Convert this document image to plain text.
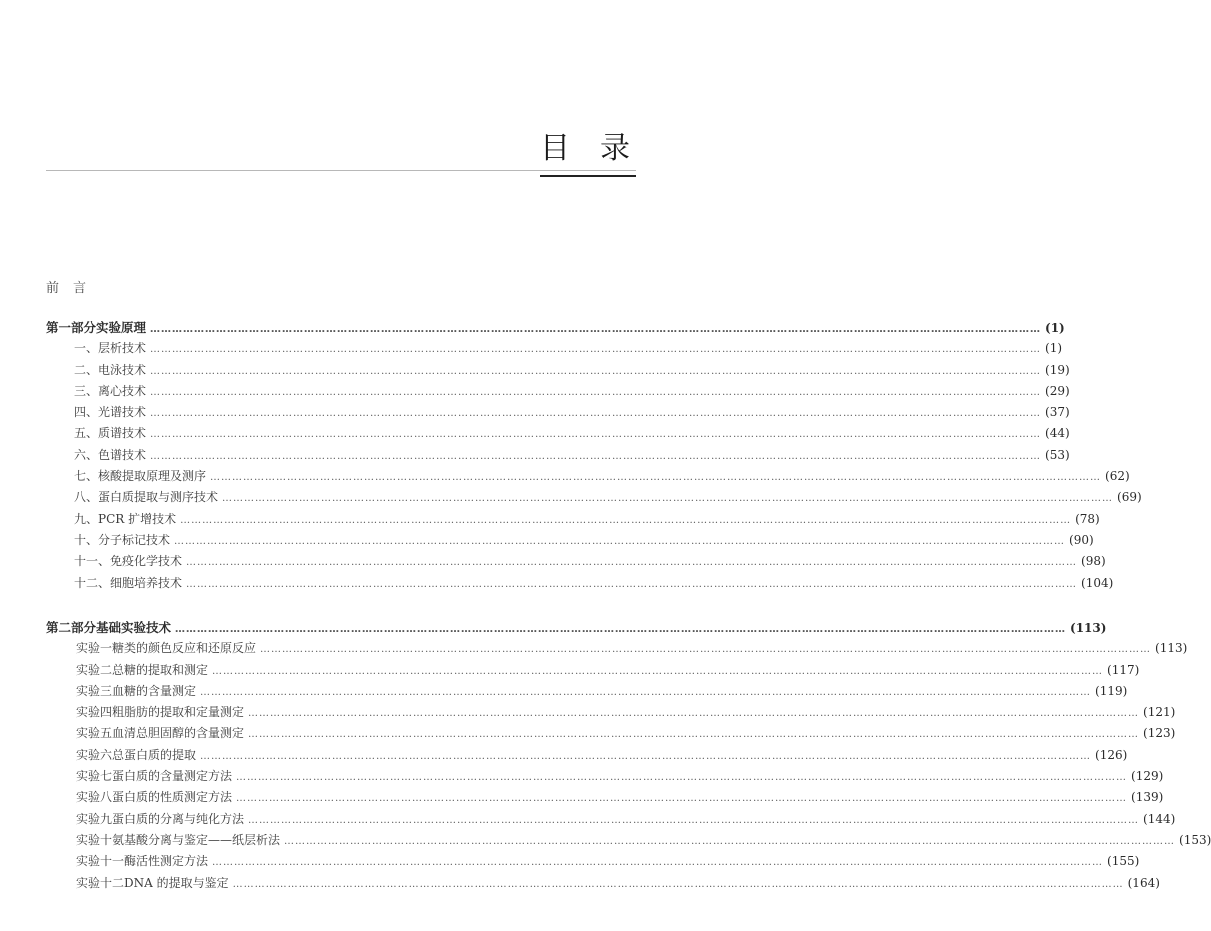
目录
前 言
第一部分 实验原理 ………………………………………………………………………………………………………………………………………………………………………………………………………………………	(1)
一、层析技术 ………………………………………………………………………………………………………………………………………………………………………………………………………………………	(1)
二、电泳技术 ………………………………………………………………………………………………………………………………………………………………………………………………………………………	(19)
三、离心技术 ………………………………………………………………………………………………………………………………………………………………………………………………………………………	(29)
四、光谱技术 ………………………………………………………………………………………………………………………………………………………………………………………………………………………	(37)
五、质谱技术 ………………………………………………………………………………………………………………………………………………………………………………………………………………………	(44)
六、色谱技术 ………………………………………………………………………………………………………………………………………………………………………………………………………………………	(53)
七、核酸提取原理及测序 ………………………………………………………………………………………………………………………………………………………………………………………………………………………	(62)
八、蛋白质提取与测序技术 ………………………………………………………………………………………………………………………………………………………………………………………………………………………	(69)
九、PCR 扩增技术 ………………………………………………………………………………………………………………………………………………………………………………………………………………………	(78)
十、分子标记技术 ………………………………………………………………………………………………………………………………………………………………………………………………………………………	(90)
十一、免疫化学技术 ………………………………………………………………………………………………………………………………………………………………………………………………………………………	(98)
十二、细胞培养技术 ………………………………………………………………………………………………………………………………………………………………………………………………………………………	(104)
第二部分 基础实验技术 ………………………………………………………………………………………………………………………………………………………………………………………………………………………	(113)
实验一 糖类的颜色反应和还原反应 ………………………………………………………………………………………………………………………………………………………………………………………………………………………	(113)
实验二 总糖的提取和测定 ………………………………………………………………………………………………………………………………………………………………………………………………………………………	(117)
实验三 血糖的含量测定 ………………………………………………………………………………………………………………………………………………………………………………………………………………………	(119)
实验四 粗脂肪的提取和定量测定 ………………………………………………………………………………………………………………………………………………………………………………………………………………………	(121)
实验五 血清总胆固醇的含量测定 ………………………………………………………………………………………………………………………………………………………………………………………………………………………	(123)
实验六 总蛋白质的提取 ………………………………………………………………………………………………………………………………………………………………………………………………………………………	(126)
实验七 蛋白质的含量测定方法 ………………………………………………………………………………………………………………………………………………………………………………………………………………………	(129)
实验八 蛋白质的性质测定方法 ………………………………………………………………………………………………………………………………………………………………………………………………………………………	(139)
实验九 蛋白质的分离与纯化方法 ………………………………………………………………………………………………………………………………………………………………………………………………………………………	(144)
实验十 氨基酸分离与鉴定——纸层析法 ………………………………………………………………………………………………………………………………………………………………………………………………………………………	(153)
实验十一 酶活性测定方法 ………………………………………………………………………………………………………………………………………………………………………………………………………………………	(155)
实验十二 DNA 的提取与鉴定 ………………………………………………………………………………………………………………………………………………………………………………………………………………………	(164)
